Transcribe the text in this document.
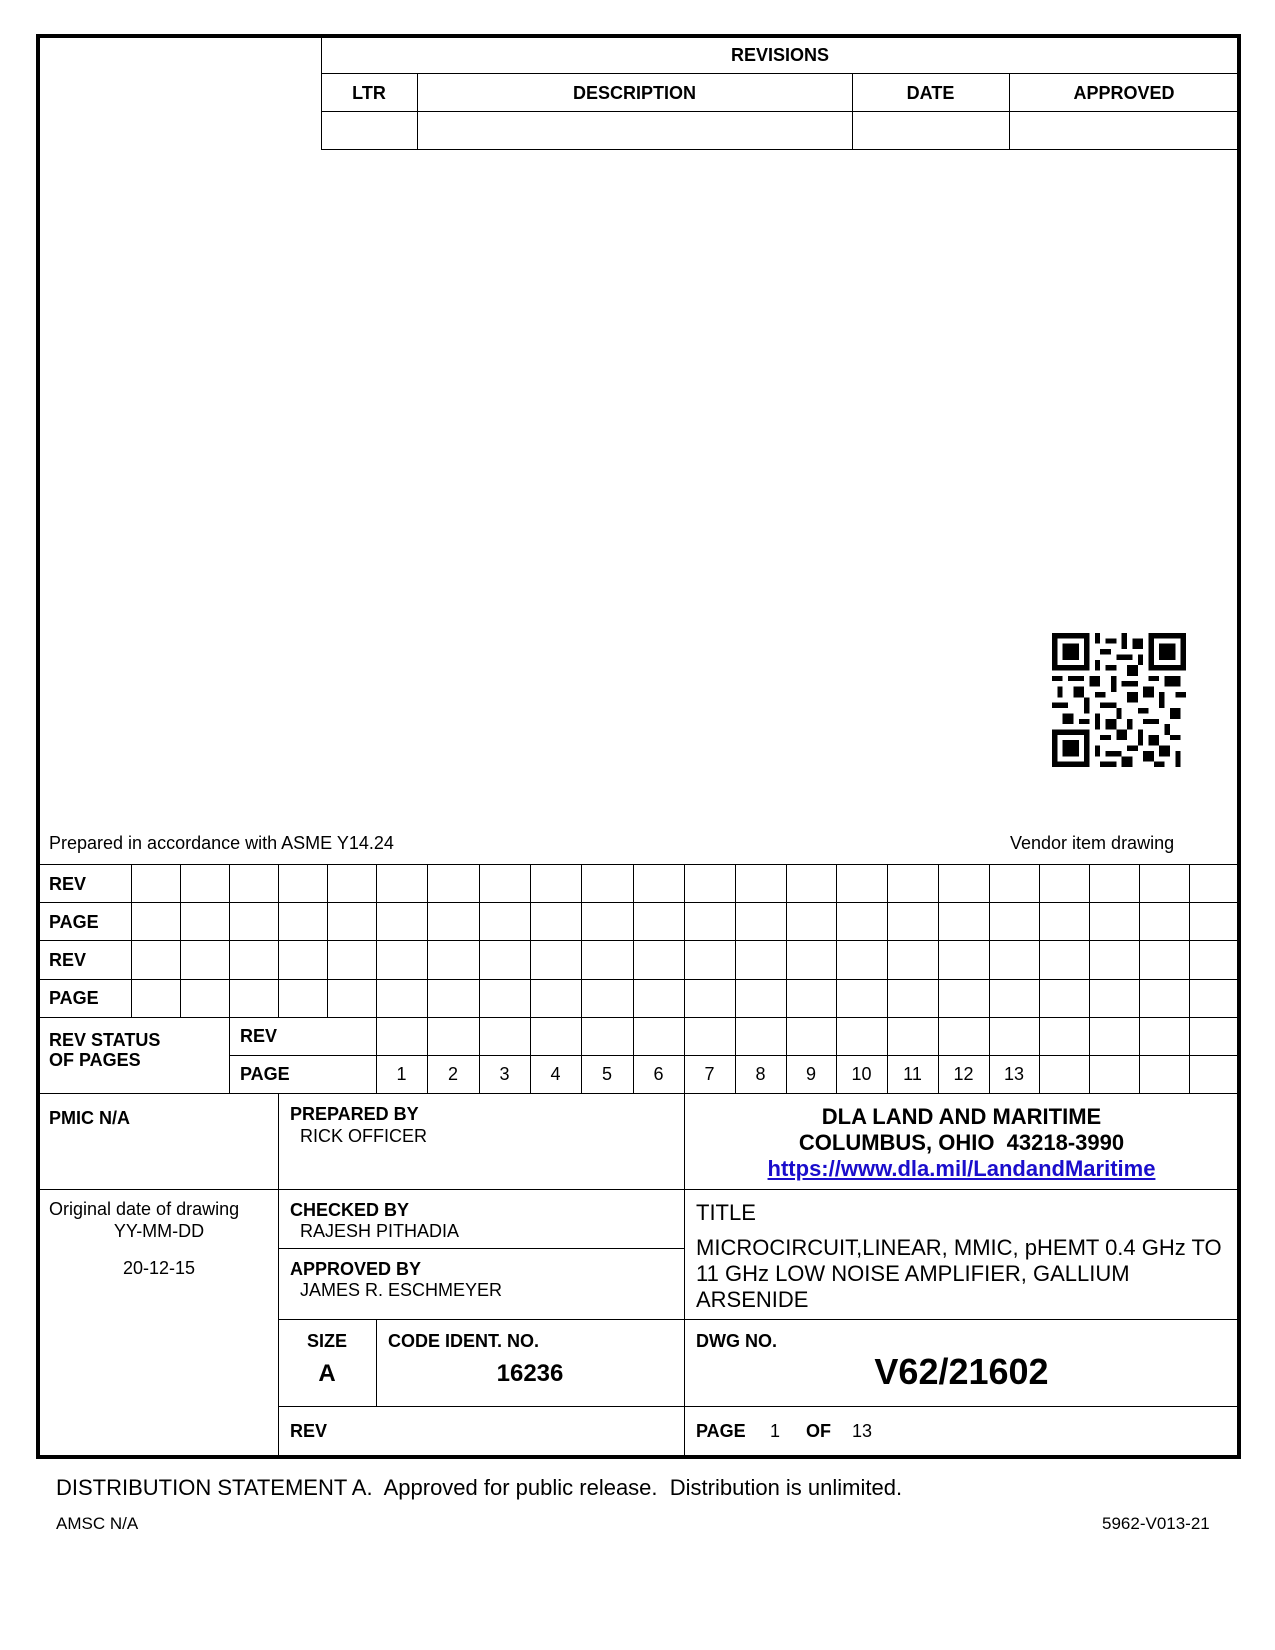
REVISIONS
LTR	DESCRIPTION	DATE	APPROVED
Prepared in accordance with ASME Y14.24	Vendor item drawing
REV
PAGE
REV
PAGE
REV STATUS
OF PAGES
REV
PAGE	1	2	3	4	5	6	7	8	9	10	11	12	13
PMIC N/A	PREPARED BY
RICK OFFICER
DLA LAND AND MARITIME
COLUMBUS, OHIO  43218-3990
https://www.dla.mil/LandandMaritime
Original date of drawing
YY-MM-DD
20-12-15
CHECKED BY
RAJESH PITHADIA
APPROVED BY
JAMES R. ESCHMEYER
TITLE
MICROCIRCUIT,LINEAR, MMIC, pHEMT 0.4 GHz TO 11 GHz LOW NOISE AMPLIFIER, GALLIUM ARSENIDE
SIZE
A
CODE IDENT. NO.
16236
DWG NO.
V62/21602
REV	PAGE 1 OF 13
DISTRIBUTION STATEMENT A.  Approved for public release.  Distribution is unlimited.
AMSC N/A	5962-V013-21
